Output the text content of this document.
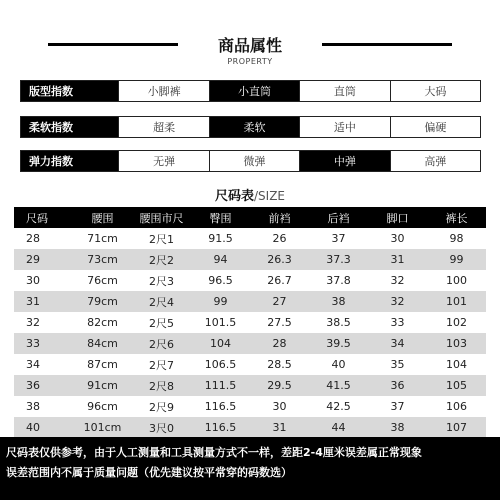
商品属性
PROPERTY
版型指数	小脚裤	小直筒	直筒	大码
柔软指数	超柔	柔软	适中	偏硬
弹力指数	无弹	微弹	中弹	高弹
尺码表/SIZE
尺码	腰围	腰围市尺	臀围	前裆	后裆	脚口	裤长
28	71cm	2尺1	91.5	26	37	30	98
29	73cm	2尺2	94	26.3	37.3	31	99
30	76cm	2尺3	96.5	26.7	37.8	32	100
31	79cm	2尺4	99	27	38	32	101
32	82cm	2尺5	101.5	27.5	38.5	33	102
33	84cm	2尺6	104	28	39.5	34	103
34	87cm	2尺7	106.5	28.5	40	35	104
36	91cm	2尺8	111.5	29.5	41.5	36	105
38	96cm	2尺9	116.5	30	42.5	37	106
40	101cm	3尺0	116.5	31	44	38	107
尺码表仅供参考，由于人工测量和工具测量方式不一样，差距2-4厘米误差属正常现象
误差范围内不属于质量问题（优先建议按平常穿的码数选）
